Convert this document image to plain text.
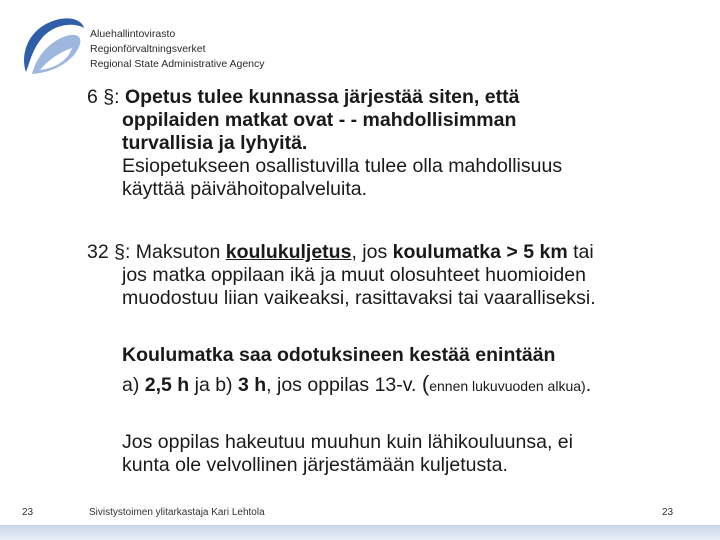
Aluehallintovirasto
Regionförvaltningsverket
Regional State Administrative Agency
6 §: Opetus tulee kunnassa järjestää siten, että
oppilaiden matkat ovat - - mahdollisimman
turvallisia ja lyhyitä.
Esiopetukseen osallistuvilla tulee olla mahdollisuus
käyttää päivähoitopalveluita.
32 §: Maksuton koulukuljetus, jos koulumatka > 5 km tai
jos matka oppilaan ikä ja muut olosuhteet huomioiden
muodostuu liian vaikeaksi, rasittavaksi tai vaaralliseksi.
Koulumatka saa odotuksineen kestää enintään
a) 2,5 h ja b) 3 h, jos oppilas 13-v. (ennen lukuvuoden alkua).
Jos oppilas hakeutuu muuhun kuin lähikouluunsa, ei
kunta ole velvollinen järjestämään kuljetusta.
23	Sivistystoimen ylitarkastaja Kari Lehtola	23
